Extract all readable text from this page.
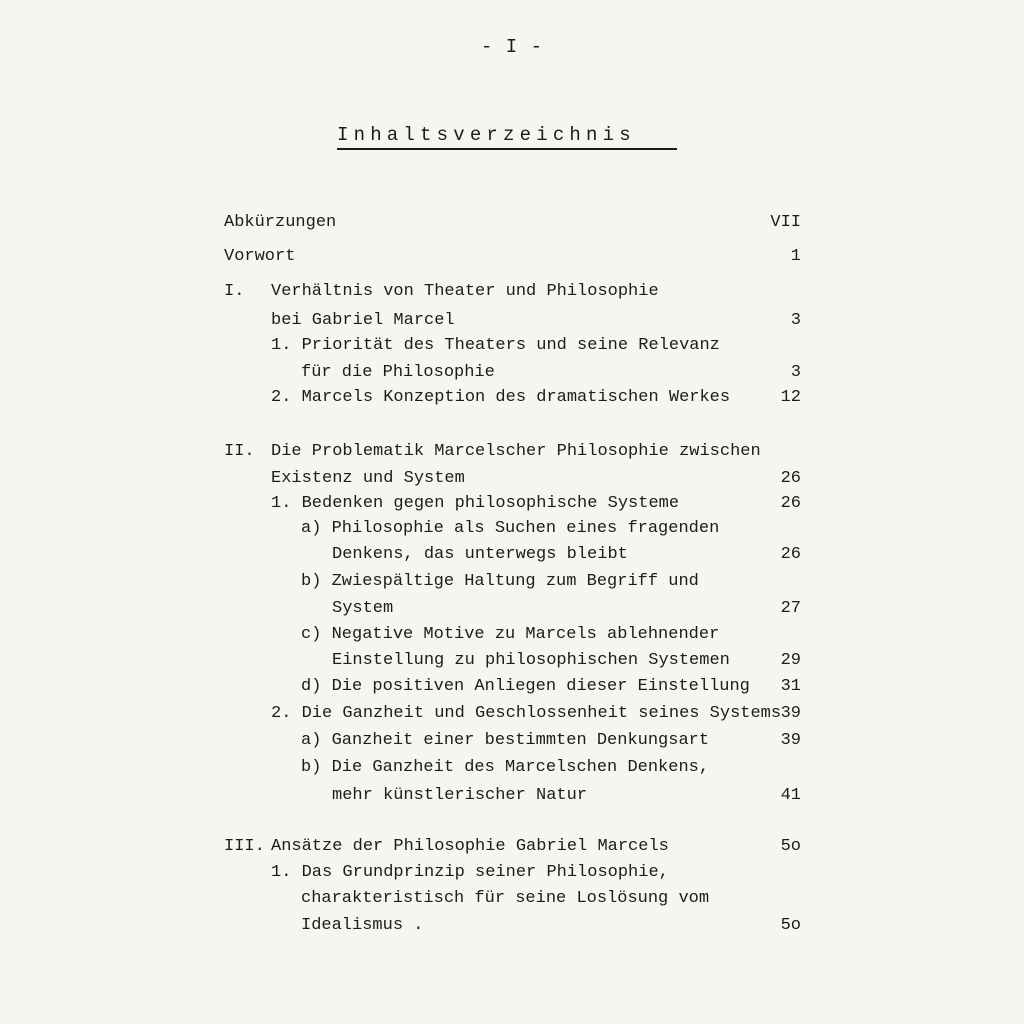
- I -
Inhaltsverzeichnis
Abkürzungen	VII
Vorwort	1
I. Verhältnis von Theater und Philosophie
bei Gabriel Marcel	3
1. Priorität des Theaters und seine Relevanz
für die Philosophie	3
2. Marcels Konzeption des dramatischen Werkes	12
II. Die Problematik Marcelscher Philosophie zwischen
Existenz und System	26
1. Bedenken gegen philosophische Systeme	26
a) Philosophie als Suchen eines fragenden
Denkens, das unterwegs bleibt	26
b) Zwiespältige Haltung zum Begriff und
System	27
c) Negative Motive zu Marcels ablehnender
Einstellung zu philosophischen Systemen	29
d) Die positiven Anliegen dieser Einstellung 31
2. Die Ganzheit und Geschlossenheit seines Systems 39
a) Ganzheit einer bestimmten Denkungsart	39
b) Die Ganzheit des Marcelschen Denkens,
mehr künstlerischer Natur	41
III. Ansätze der Philosophie Gabriel Marcels	5o
1. Das Grundprinzip seiner Philosophie,
charakteristisch für seine Loslösung vom
Idealismus .	5o
